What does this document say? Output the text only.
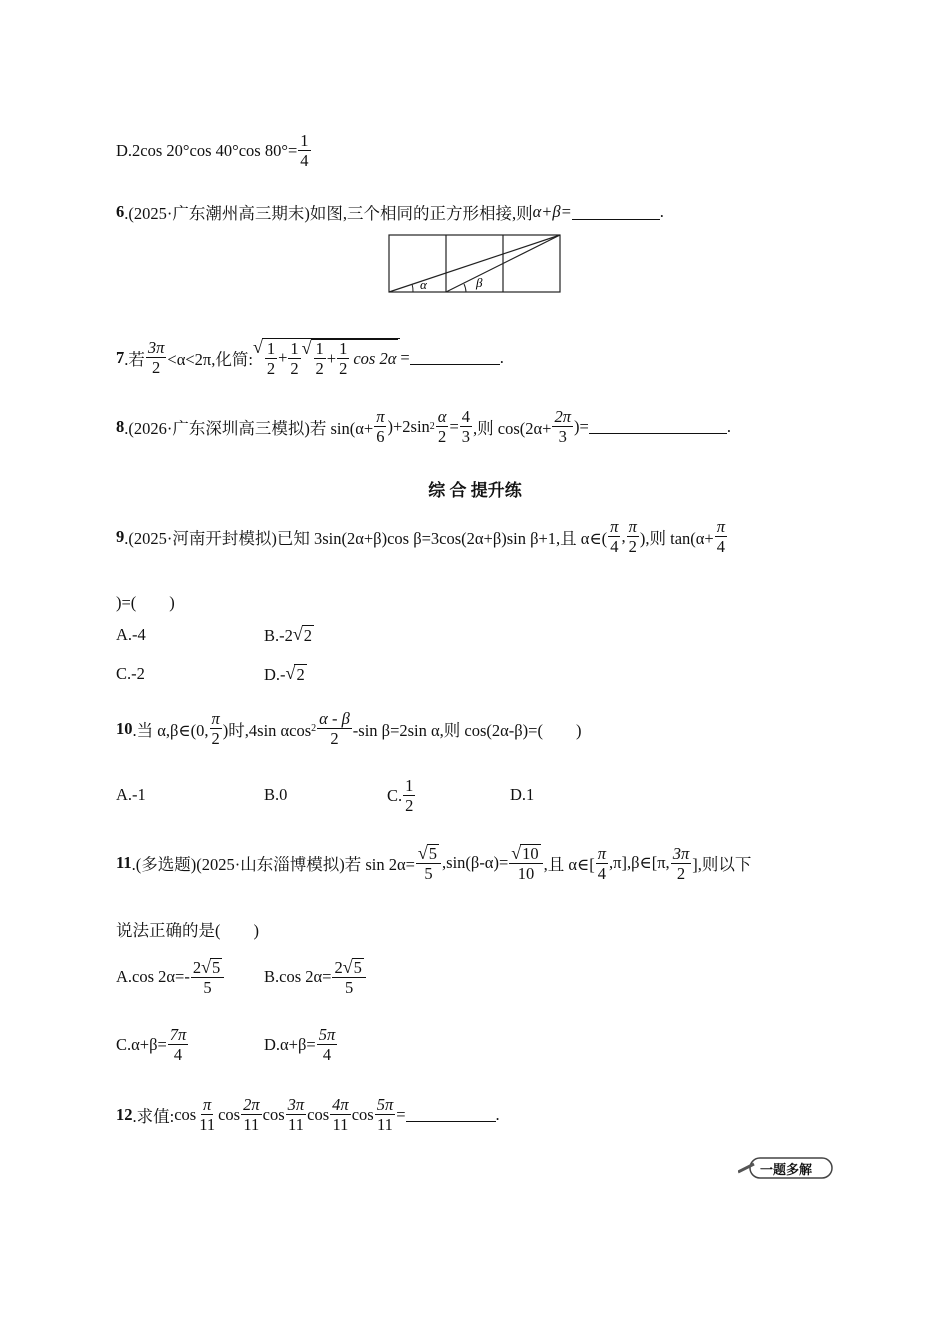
D.2cos 20°cos 40°cos $80^\circ= \frac{1}{4}$
6 .(2025·广东潮州高三期末)如图,三个相同的正方形相接,则 α+β=	.
α	β
7 .若 $\frac{3\pi}{2} <\alpha<2\pi$,化简:
√ $\frac{1}{2} + \frac{1}{2}$ √ $\frac{1}{2} + \frac{1}{2}$ cos 2α =	.
8 .(2026·广东深圳高三模拟)若 $\sin(\alpha+ \frac{\pi}{6} )+2\sin$ $2 \frac{\alpha}{2} = \frac{4}{3}$ ,则 $\cos(2\alpha+ \frac{2\pi}{3}$ )=	.
综 合 提升练
9 .(2025·河南开封模拟)已知 3sin(2α+β)cos β=3cos(2α+β)sin β+1,且 α∈( $\frac{\pi}{4}$ , $\frac{\pi}{2}$ ),则 $\tan(\alpha+ \frac{\pi}{4}$
)=(　　)
A.-4	B.-2 √ 2
C.-2	D.- √ 2
10 .当 α,β∈(0, $\frac{\pi}{2}$ )时,4sin αcos $2 \frac{\alpha - \beta}{2} -\sin$ β=2sin α,则 cos(2α-β)=(　　)
A.-1	B.0	C. $\frac{1}{2}$	D.1
11 .(多选题)(2025·山东淄博模拟)若 $\sin 2\alpha= \frac{√ 5}{5} ,\sin(\beta-\alpha)= \frac{√ 10}{10}$ ,且 α∈[ $\frac{\pi}{4}$ ,π],β∈[π, $\frac{3\pi}{2}$ ],则以下
说法正确的是(　　)
A.cos $2\alpha=- \frac{2 √ 5}{5} B.\cos$ $2\alpha= \frac{2 √ 5}{5}$
$C.\alpha+\beta= \frac{7\pi}{4}$	$D.\alpha+\beta= \frac{5\pi}{4}$
12 .求值: $\cos \frac{\pi}{11}$ $\cos \frac{2\pi}{11}$ $\cos \frac{3\pi}{11}$ $\cos \frac{4\pi}{11}$ $\cos \frac{5\pi}{11}$ =	.
一题多解
